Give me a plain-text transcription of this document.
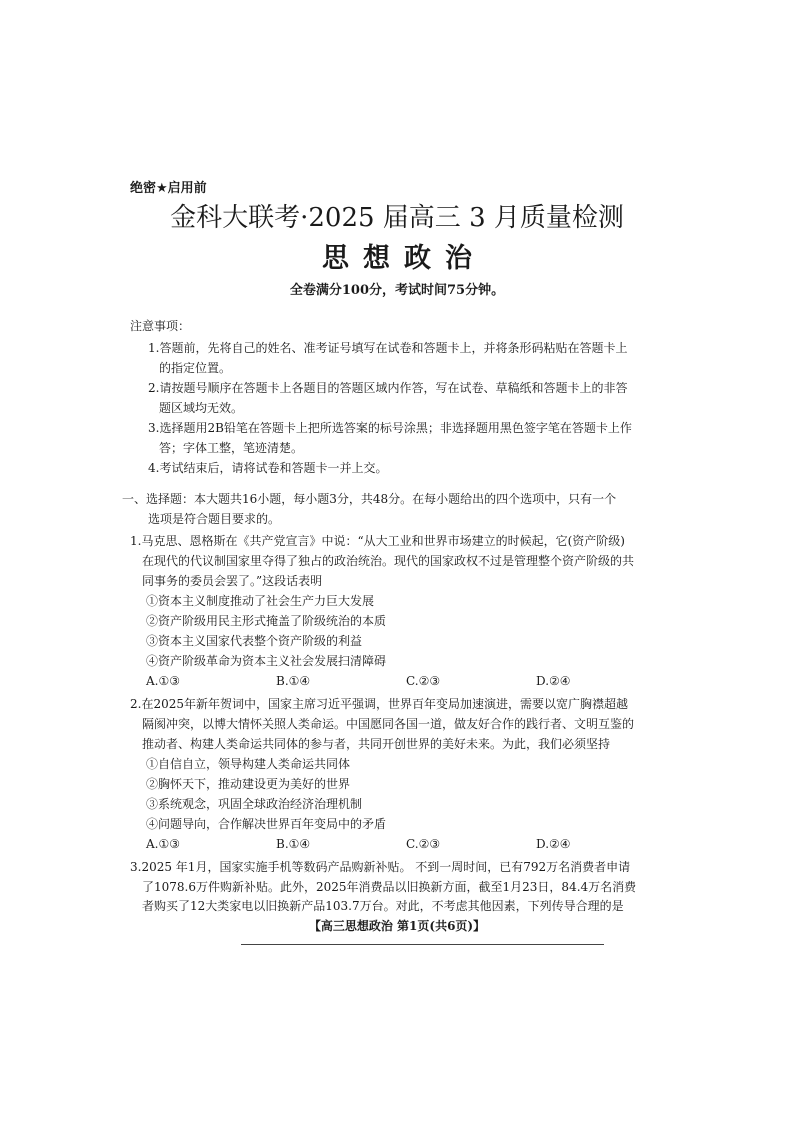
绝密★启用前
金科大联考·2025 届高三 3 月质量检测
思想政治
全卷满分100分，考试时间75分钟。
注意事项：
1.答题前，先将自己的姓名、准考证号填写在试卷和答题卡上，并将条形码粘贴在答题卡上
的指定位置。
2.请按题号顺序在答题卡上各题目的答题区域内作答，写在试卷、草稿纸和答题卡上的非答
题区域均无效。
3.选择题用2B铅笔在答题卡上把所选答案的标号涂黑；非选择题用黑色签字笔在答题卡上作
答；字体工整，笔迹清楚。
4.考试结束后，请将试卷和答题卡一并上交。
一、选择题：本大题共16小题，每小题3分，共48分。在每小题给出的四个选项中，只有一个
选项是符合题目要求的。
1.马克思、恩格斯在《共产党宣言》中说：“从大工业和世界市场建立的时候起，它(资产阶级)
在现代的代议制国家里夺得了独占的政治统治。现代的国家政权不过是管理整个资产阶级的共
同事务的委员会罢了。”这段话表明
①资本主义制度推动了社会生产力巨大发展
②资产阶级用民主形式掩盖了阶级统治的本质
③资本主义国家代表整个资产阶级的利益
④资产阶级革命为资本主义社会发展扫清障碍
A.①③	B.①④	C.②③	D.②④
2.在2025年新年贺词中，国家主席习近平强调，世界百年变局加速演进，需要以宽广胸襟超越
隔阂冲突，以博大情怀关照人类命运。中国愿同各国一道，做友好合作的践行者、文明互鉴的
推动者、构建人类命运共同体的参与者，共同开创世界的美好未来。为此，我们必须坚持
①自信自立，领导构建人类命运共同体
②胸怀天下，推动建设更为美好的世界
③系统观念，巩固全球政治经济治理机制
④问题导向，合作解决世界百年变局中的矛盾
A.①③	B.①④	C.②③	D.②④
3.2025 年1月，国家实施手机等数码产品购新补贴。 不到一周时间，已有792万名消费者申请
了1078.6万件购新补贴。此外，2025年消费品以旧换新方面，截至1月23日，84.4万名消费
者购买了12大类家电以旧换新产品103.7万台。对此，不考虑其他因素，下列传导合理的是
【高三思想政治 第1页(共6页)】
